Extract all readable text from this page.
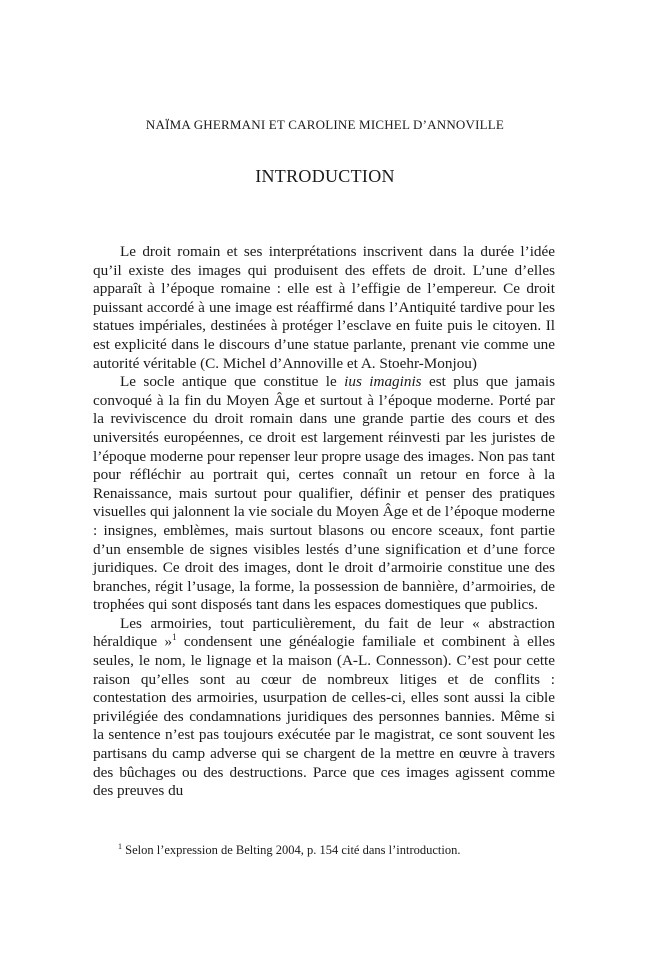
NAÏMA GHERMANI ET CAROLINE MICHEL D’ANNOVILLE
INTRODUCTION

Le droit romain et ses interprétations inscrivent dans la durée l’idée qu’il existe des images qui produisent des effets de droit. L’une d’elles apparaît à l’époque romaine : elle est à l’effigie de l’empereur. Ce droit puissant accordé à une image est réaffirmé dans l’Antiquité tardive pour les statues impériales, destinées à protéger l’esclave en fuite puis le citoyen. Il est explicité dans le discours d’une statue parlante, prenant vie comme une autorité véritable (C. Michel d’Annoville et A. Stoehr-Monjou)

Le socle antique que constitue le ius imaginis est plus que jamais convoqué à la fin du Moyen Âge et surtout à l’époque moderne. Porté par la reviviscence du droit romain dans une grande partie des cours et des universités européennes, ce droit est largement réinvesti par les juristes de l’époque moderne pour repenser leur propre usage des images. Non pas tant pour réfléchir au portrait qui, certes connaît un retour en force à la Renaissance, mais surtout pour qualifier, définir et penser des pratiques visuelles qui jalonnent la vie sociale du Moyen Âge et de l’époque moderne : insignes, emblèmes, mais surtout blasons ou encore sceaux, font partie d’un ensemble de signes visibles lestés d’une signification et d’une force juridiques. Ce droit des images, dont le droit d’armoirie constitue une des branches, régit l’usage, la forme, la possession de bannière, d’armoiries, de trophées qui sont disposés tant dans les espaces domestiques que publics.

Les armoiries, tout particulièrement, du fait de leur « abstraction héraldique »$^1$ condensent une généalogie familiale et combinent à elles seules, le nom, le lignage et la maison (A-L. Connesson). C’est pour cette raison qu’elles sont au cœur de nombreux litiges et de conflits : contestation des armoiries, usurpation de celles-ci, elles sont aussi la cible privilégiée des condamnations juridiques des personnes bannies. Même si la sentence n’est pas toujours exécutée par le magistrat, ce sont souvent les partisans du camp adverse qui se chargent de la mettre en œuvre à travers des bûchages ou des destructions. Parce que ces images agissent comme des preuves du

$^1$ Selon l’expression de Belting 2004, p. 154 cité dans l’introduction.
